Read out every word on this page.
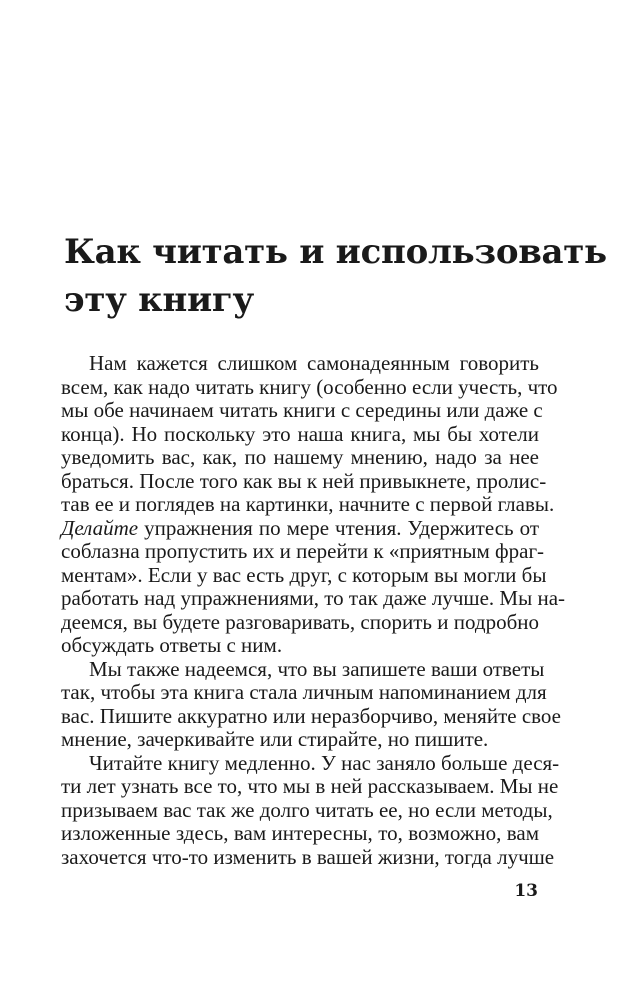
Как читать и использовать
эту книгу

Нам кажется слишком самонадеянным говорить
всем, как надо читать книгу (особенно если учесть, что
мы обе начинаем читать книги с середины или даже с
конца). Но поскольку это наша книга, мы бы хотели
уведомить вас, как, по нашему мнению, надо за нее
браться. После того как вы к ней привыкнете, пролис-
тав ее и поглядев на картинки, начните с первой главы.
Делайте упражнения по мере чтения. Удержитесь от
соблазна пропустить их и перейти к «приятным фраг-
ментам». Если у вас есть друг, с которым вы могли бы
работать над упражнениями, то так даже лучше. Мы на-
деемся, вы будете разговаривать, спорить и подробно
обсуждать ответы с ним.

Мы также надеемся, что вы запишете ваши ответы
так, чтобы эта книга стала личным напоминанием для
вас. Пишите аккуратно или неразборчиво, меняйте свое
мнение, зачеркивайте или стирайте, но пишите.

Читайте книгу медленно. У нас заняло больше деся-
ти лет узнать все то, что мы в ней рассказываем. Мы не
призываем вас так же долго читать ее, но если методы,
изложенные здесь, вам интересны, то, возможно, вам
захочется что-то изменить в вашей жизни, тогда лучше

13
